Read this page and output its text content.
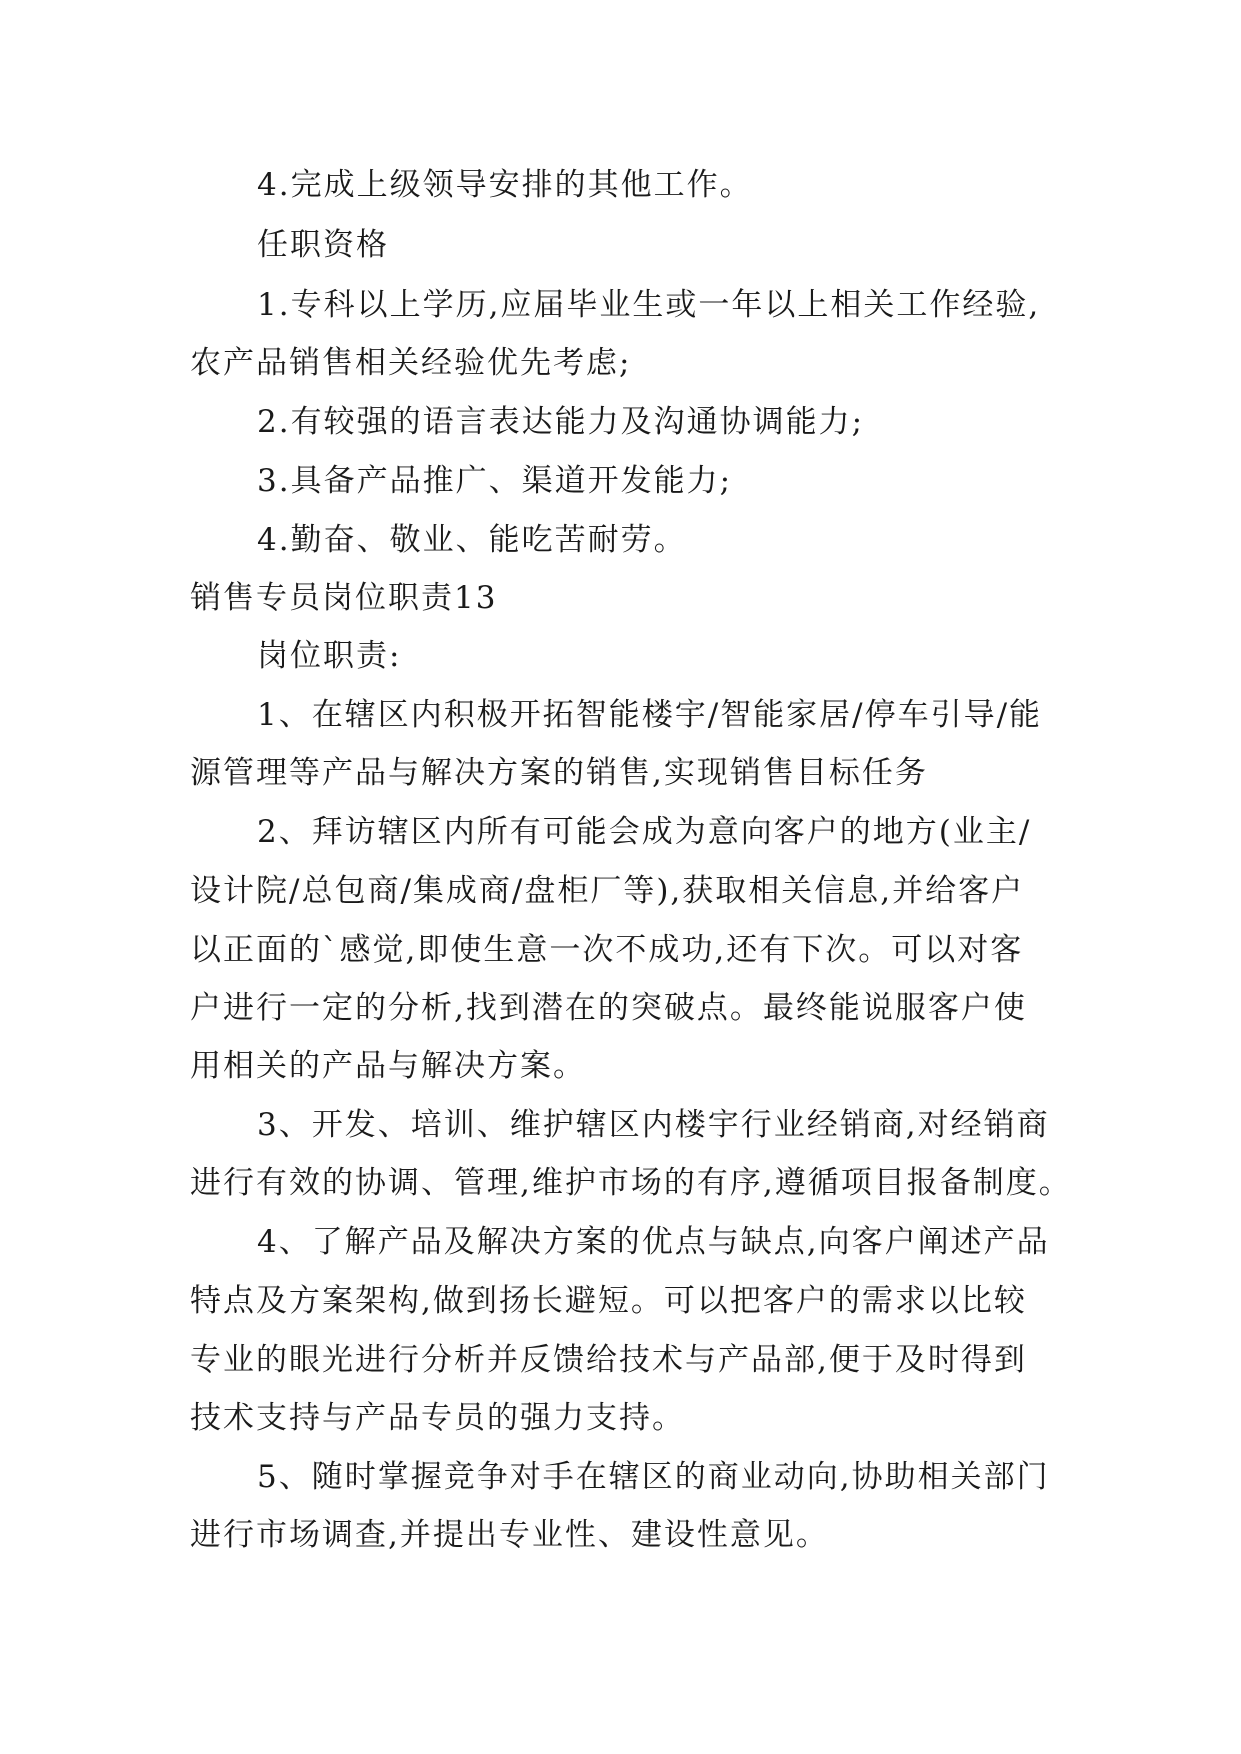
4.完成上级领导安排的其他工作。
任职资格
1.专科以上学历,应届毕业生或一年以上相关工作经验,
农产品销售相关经验优先考虑;
2.有较强的语言表达能力及沟通协调能力;
3.具备产品推广、渠道开发能力;
4.勤奋、敬业、能吃苦耐劳。
销售专员岗位职责13
岗位职责:
1、在辖区内积极开拓智能楼宇/智能家居/停车引导/能
源管理等产品与解决方案的销售,实现销售目标任务
2、拜访辖区内所有可能会成为意向客户的地方(业主/
设计院/总包商/集成商/盘柜厂等),获取相关信息,并给客户
以正面的`感觉,即使生意一次不成功,还有下次。可以对客
户进行一定的分析,找到潜在的突破点。最终能说服客户使
用相关的产品与解决方案。
3、开发、培训、维护辖区内楼宇行业经销商,对经销商
进行有效的协调、管理,维护市场的有序,遵循项目报备制度。
4、了解产品及解决方案的优点与缺点,向客户阐述产品
特点及方案架构,做到扬长避短。可以把客户的需求以比较
专业的眼光进行分析并反馈给技术与产品部,便于及时得到
技术支持与产品专员的强力支持。
5、随时掌握竞争对手在辖区的商业动向,协助相关部门
进行市场调查,并提出专业性、建设性意见。
